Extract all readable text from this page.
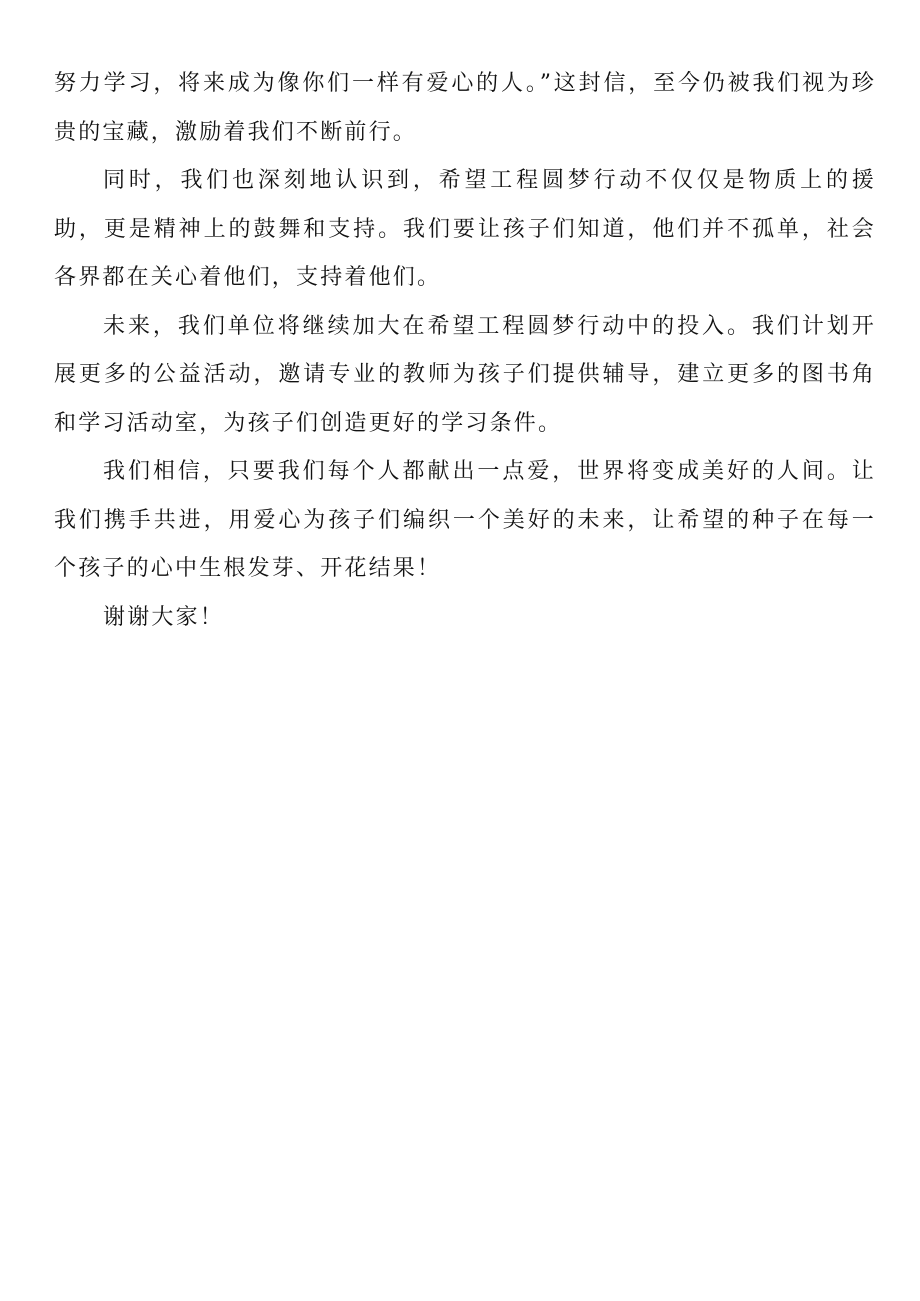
努力学习，将来成为像你们一样有爱心的人。”这封信，至今仍被我们视为珍贵的宝藏，激励着我们不断前行。

同时，我们也深刻地认识到，希望工程圆梦行动不仅仅是物质上的援助，更是精神上的鼓舞和支持。我们要让孩子们知道，他们并不孤单，社会各界都在关心着他们，支持着他们。

未来，我们单位将继续加大在希望工程圆梦行动中的投入。我们计划开展更多的公益活动，邀请专业的教师为孩子们提供辅导，建立更多的图书角和学习活动室，为孩子们创造更好的学习条件。

我们相信，只要我们每个人都献出一点爱，世界将变成美好的人间。让我们携手共进，用爱心为孩子们编织一个美好的未来，让希望的种子在每一个孩子的心中生根发芽、开花结果！

谢谢大家！
